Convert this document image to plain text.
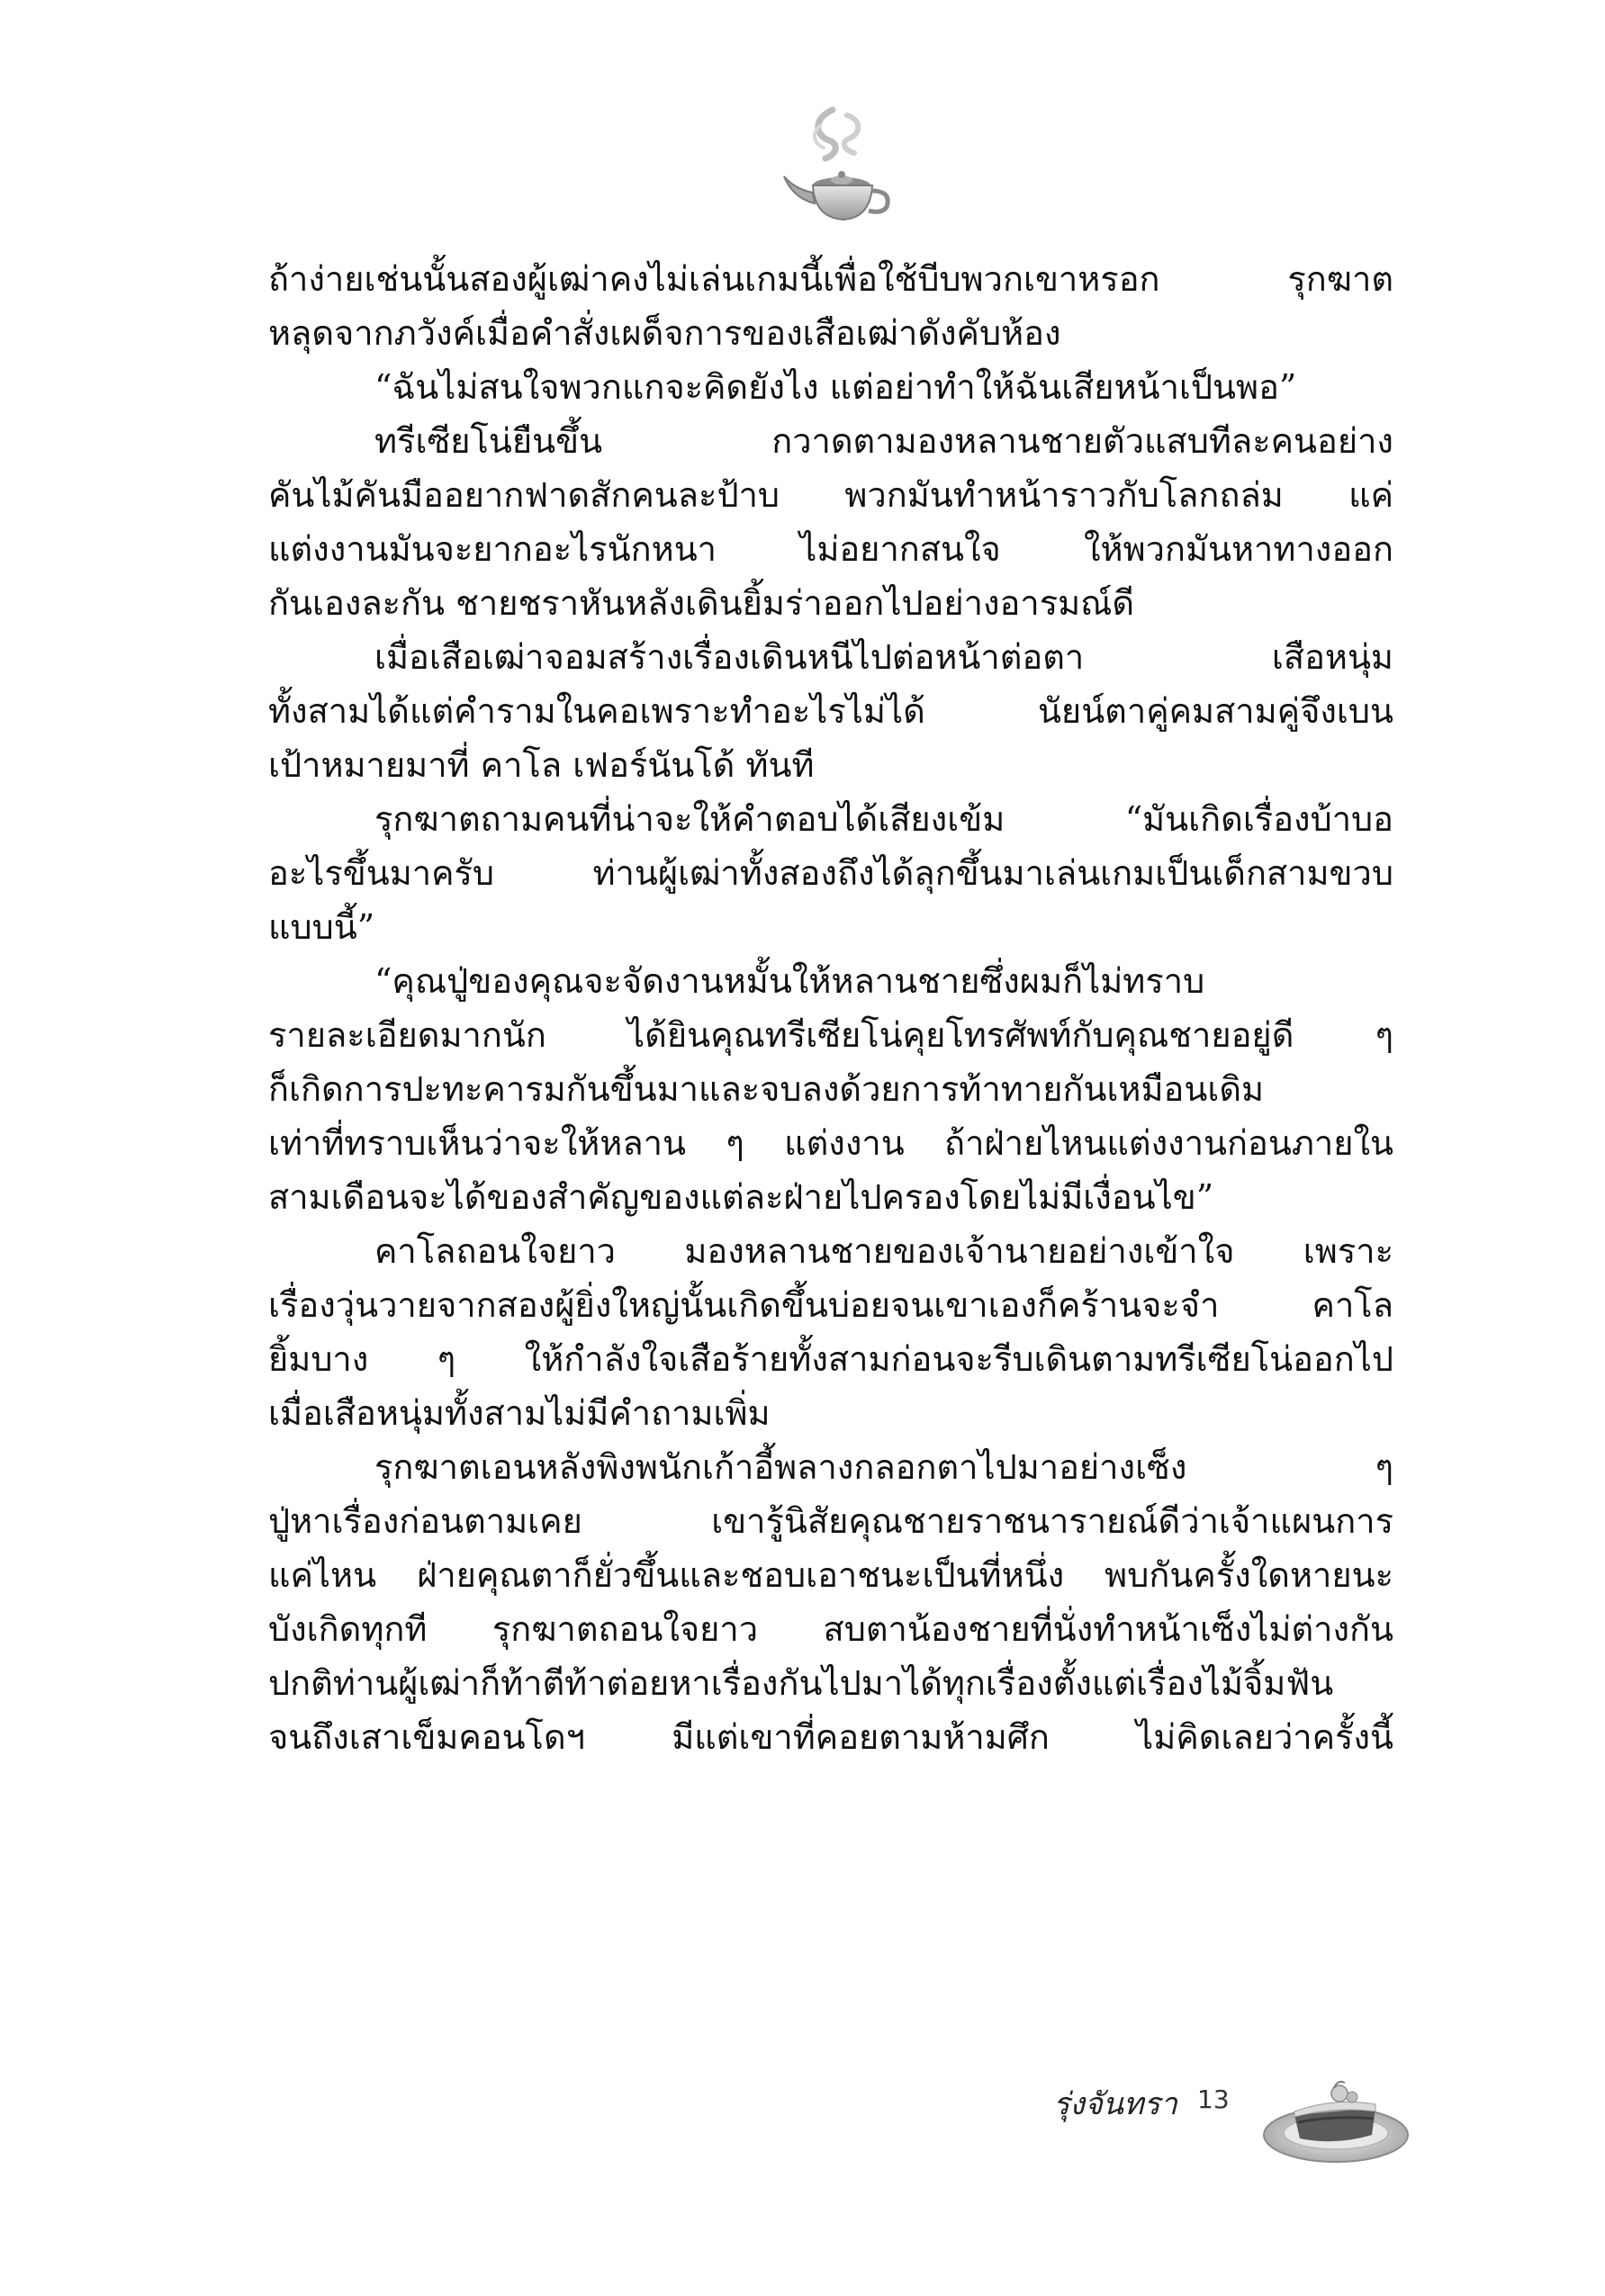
ถ้าง่ายเช่นนั้นสองผู้เฒ่าคงไม่เล่นเกมนี้เพื่อใช้บีบพวกเขาหรอก รุกฆาต
หลุดจากภวังค์เมื่อคำสั่งเผด็จการของเสือเฒ่าดังคับห้อง
“ฉันไม่สนใจพวกแกจะคิดยังไง แต่อย่าทำให้ฉันเสียหน้าเป็นพอ”
ทรีเซียโน่ยืนขึ้น กวาดตามองหลานชายตัวแสบทีละคนอย่าง
คันไม้คันมืออยากฟาดสักคนละป้าบ พวกมันทำหน้าราวกับโลกถล่ม แค่
แต่งงานมันจะยากอะไรนักหนา ไม่อยากสนใจ ให้พวกมันหาทางออก
กันเองละกัน ชายชราหันหลังเดินยิ้มร่าออกไปอย่างอารมณ์ดี
เมื่อเสือเฒ่าจอมสร้างเรื่องเดินหนีไปต่อหน้าต่อตา เสือหนุ่ม
ทั้งสามได้แต่คำรามในคอเพราะทำอะไรไม่ได้ นัยน์ตาคู่คมสามคู่จึงเบน
เป้าหมายมาที่ คาโล เฟอร์นันโด้ ทันที
รุกฆาตถามคนที่น่าจะให้คำตอบได้เสียงเข้ม “มันเกิดเรื่องบ้าบอ
อะไรขึ้นมาครับ ท่านผู้เฒ่าทั้งสองถึงได้ลุกขึ้นมาเล่นเกมเป็นเด็กสามขวบ
แบบนี้”
“คุณปู่ของคุณจะจัดงานหมั้นให้หลานชายซึ่งผมก็ไม่ทราบ
รายละเอียดมากนัก ได้ยินคุณทรีเซียโน่คุยโทรศัพท์กับคุณชายอยู่ดี ๆ
ก็เกิดการปะทะคารมกันขึ้นมาและจบลงด้วยการท้าทายกันเหมือนเดิม
เท่าที่ทราบเห็นว่าจะให้หลาน ๆ แต่งงาน ถ้าฝ่ายไหนแต่งงานก่อนภายใน
สามเดือนจะได้ของสำคัญของแต่ละฝ่ายไปครองโดยไม่มีเงื่อนไข”
คาโลถอนใจยาว มองหลานชายของเจ้านายอย่างเข้าใจ เพราะ
เรื่องวุ่นวายจากสองผู้ยิ่งใหญ่นั้นเกิดขึ้นบ่อยจนเขาเองก็คร้านจะจำ คาโล
ยิ้มบาง ๆ ให้กำลังใจเสือร้ายทั้งสามก่อนจะรีบเดินตามทรีเซียโน่ออกไป
เมื่อเสือหนุ่มทั้งสามไม่มีคำถามเพิ่ม
รุกฆาตเอนหลังพิงพนักเก้าอี้พลางกลอกตาไปมาอย่างเซ็ง ๆ
ปู่หาเรื่องก่อนตามเคย เขารู้นิสัยคุณชายราชนารายณ์ดีว่าเจ้าแผนการ
แค่ไหน ฝ่ายคุณตาก็ยั่วขึ้นและชอบเอาชนะเป็นที่หนึ่ง พบกันครั้งใดหายนะ
บังเกิดทุกที รุกฆาตถอนใจยาว สบตาน้องชายที่นั่งทำหน้าเซ็งไม่ต่างกัน
ปกติท่านผู้เฒ่าก็ท้าตีท้าต่อยหาเรื่องกันไปมาได้ทุกเรื่องตั้งแต่เรื่องไม้จิ้มฟัน
จนถึงเสาเข็มคอนโดฯ มีแต่เขาที่คอยตามห้ามศึก ไม่คิดเลยว่าครั้งนี้
รุ่งจันทรา 13
